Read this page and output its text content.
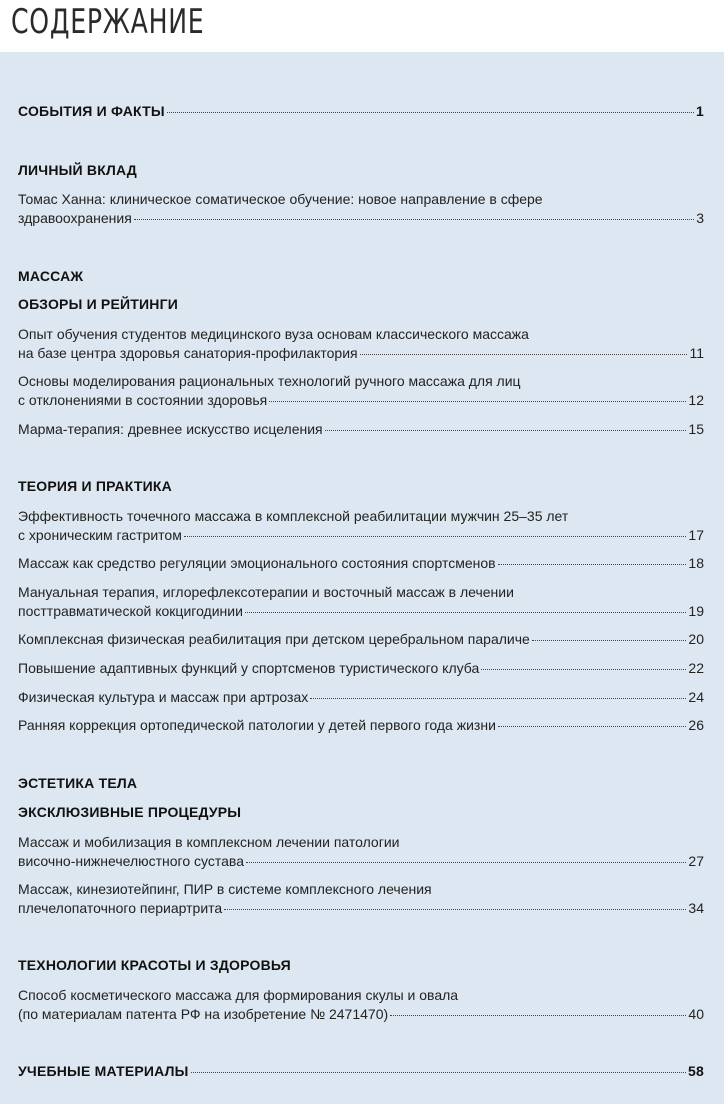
СОДЕРЖАНИЕ
СОБЫТИЯ И ФАКТЫ	1
ЛИЧНЫЙ ВКЛАД
Томас Ханна: клиническое соматическое обучение: новое направление в сфере
здравоохранения	3
МАССАЖ
ОБЗОРЫ И РЕЙТИНГИ
Опыт обучения студентов медицинского вуза основам классического массажа
на базе центра здоровья санатория-профилактория	11
Основы моделирования рациональных технологий ручного массажа для лиц
с отклонениями в состоянии здоровья	12
Марма-терапия: древнее искусство исцеления	15
ТЕОРИЯ И ПРАКТИКА
Эффективность точечного массажа в комплексной реабилитации мужчин 25–35 лет
с хроническим гастритом	17
Массаж как средство регуляции эмоционального состояния спортсменов	18
Мануальная терапия, иглорефлексотерапии и восточный массаж в лечении
посттравматической кокцигодинии	19
Комплексная физическая реабилитация при детском церебральном параличе	20
Повышение адаптивных функций у спортсменов туристического клуба	22
Физическая культура и массаж при артрозах	24
Ранняя коррекция ортопедической патологии у детей первого года жизни	26
ЭСТЕТИКА ТЕЛА
ЭКСКЛЮЗИВНЫЕ ПРОЦЕДУРЫ
Массаж и мобилизация в комплексном лечении патологии
височно-нижнечелюстного сустава	27
Массаж, кинезиотейпинг, ПИР в системе комплексного лечения
плечелопаточного периартрита	34
ТЕХНОЛОГИИ КРАСОТЫ И ЗДОРОВЬЯ
Способ косметического массажа для формирования скулы и овала
(по материалам патента РФ на изобретение № 2471470)	40
УЧЕБНЫЕ МАТЕРИАЛЫ	58
